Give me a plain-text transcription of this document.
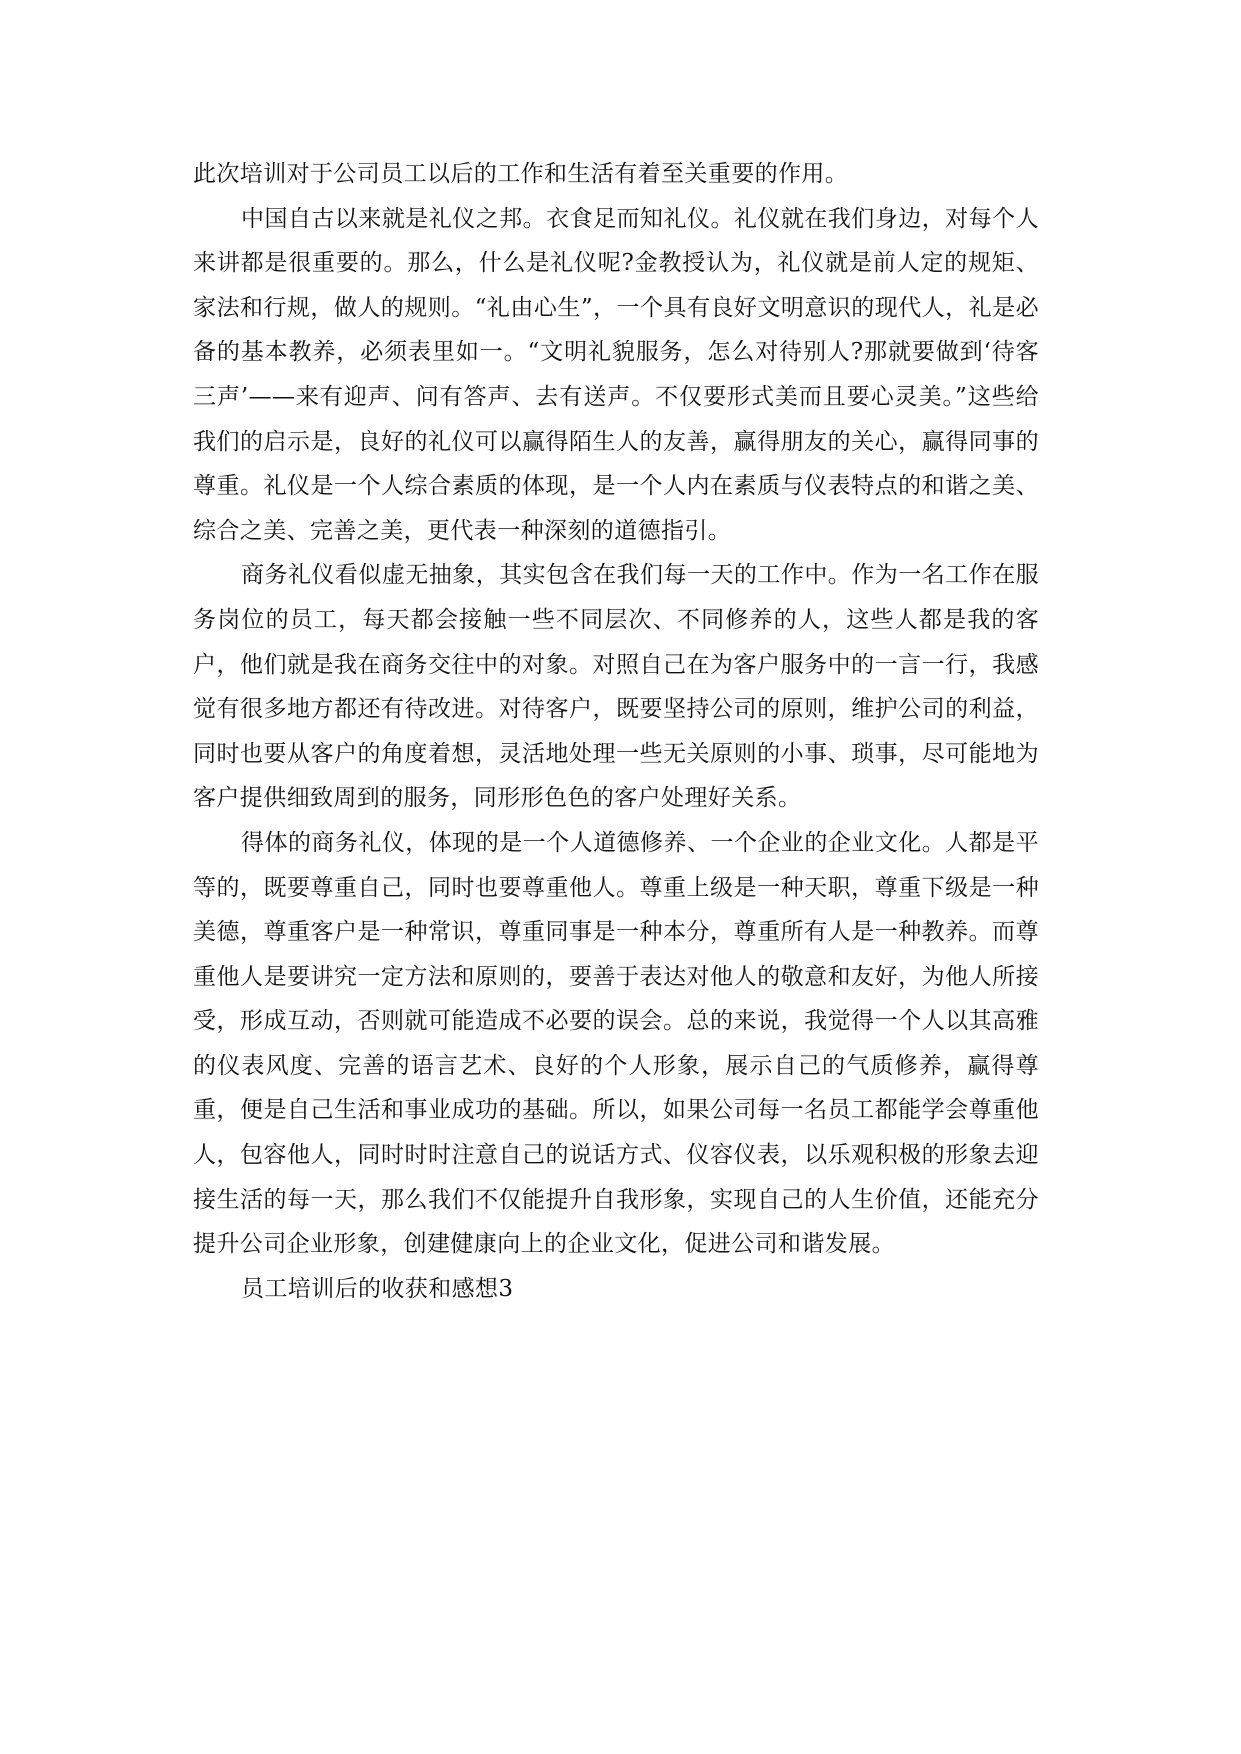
此次培训对于公司员工以后的工作和生活有着至关重要的作用。

中国自古以来就是礼仪之邦。衣食足而知礼仪。礼仪就在我们身边，对每个人来讲都是很重要的。那么，什么是礼仪呢?金教授认为，礼仪就是前人定的规矩、家法和行规，做人的规则。“礼由心生”，一个具有良好文明意识的现代人，礼是必备的基本教养，必须表里如一。“文明礼貌服务，怎么对待别人?那就要做到‘待客三声’——来有迎声、问有答声、去有送声。不仅要形式美而且要心灵美。”这些给我们的启示是，良好的礼仪可以赢得陌生人的友善，赢得朋友的关心，赢得同事的尊重。礼仪是一个人综合素质的体现，是一个人内在素质与仪表特点的和谐之美、综合之美、完善之美，更代表一种深刻的道德指引。

商务礼仪看似虚无抽象，其实包含在我们每一天的工作中。作为一名工作在服务岗位的员工，每天都会接触一些不同层次、不同修养的人，这些人都是我的客户，他们就是我在商务交往中的对象。对照自己在为客户服务中的一言一行，我感觉有很多地方都还有待改进。对待客户，既要坚持公司的原则，维护公司的利益，同时也要从客户的角度着想，灵活地处理一些无关原则的小事、琐事，尽可能地为客户提供细致周到的服务，同形形色色的客户处理好关系。

得体的商务礼仪，体现的是一个人道德修养、一个企业的企业文化。人都是平等的，既要尊重自己，同时也要尊重他人。尊重上级是一种天职，尊重下级是一种美德，尊重客户是一种常识，尊重同事是一种本分，尊重所有人是一种教养。而尊重他人是要讲究一定方法和原则的，要善于表达对他人的敬意和友好，为他人所接受，形成互动，否则就可能造成不必要的误会。总的来说，我觉得一个人以其高雅的仪表风度、完善的语言艺术、良好的个人形象，展示自己的气质修养，赢得尊重，便是自己生活和事业成功的基础。所以，如果公司每一名员工都能学会尊重他人，包容他人，同时时时注意自己的说话方式、仪容仪表，以乐观积极的形象去迎接生活的每一天，那么我们不仅能提升自我形象，实现自己的人生价值，还能充分提升公司企业形象，创建健康向上的企业文化，促进公司和谐发展。

员工培训后的收获和感想3
